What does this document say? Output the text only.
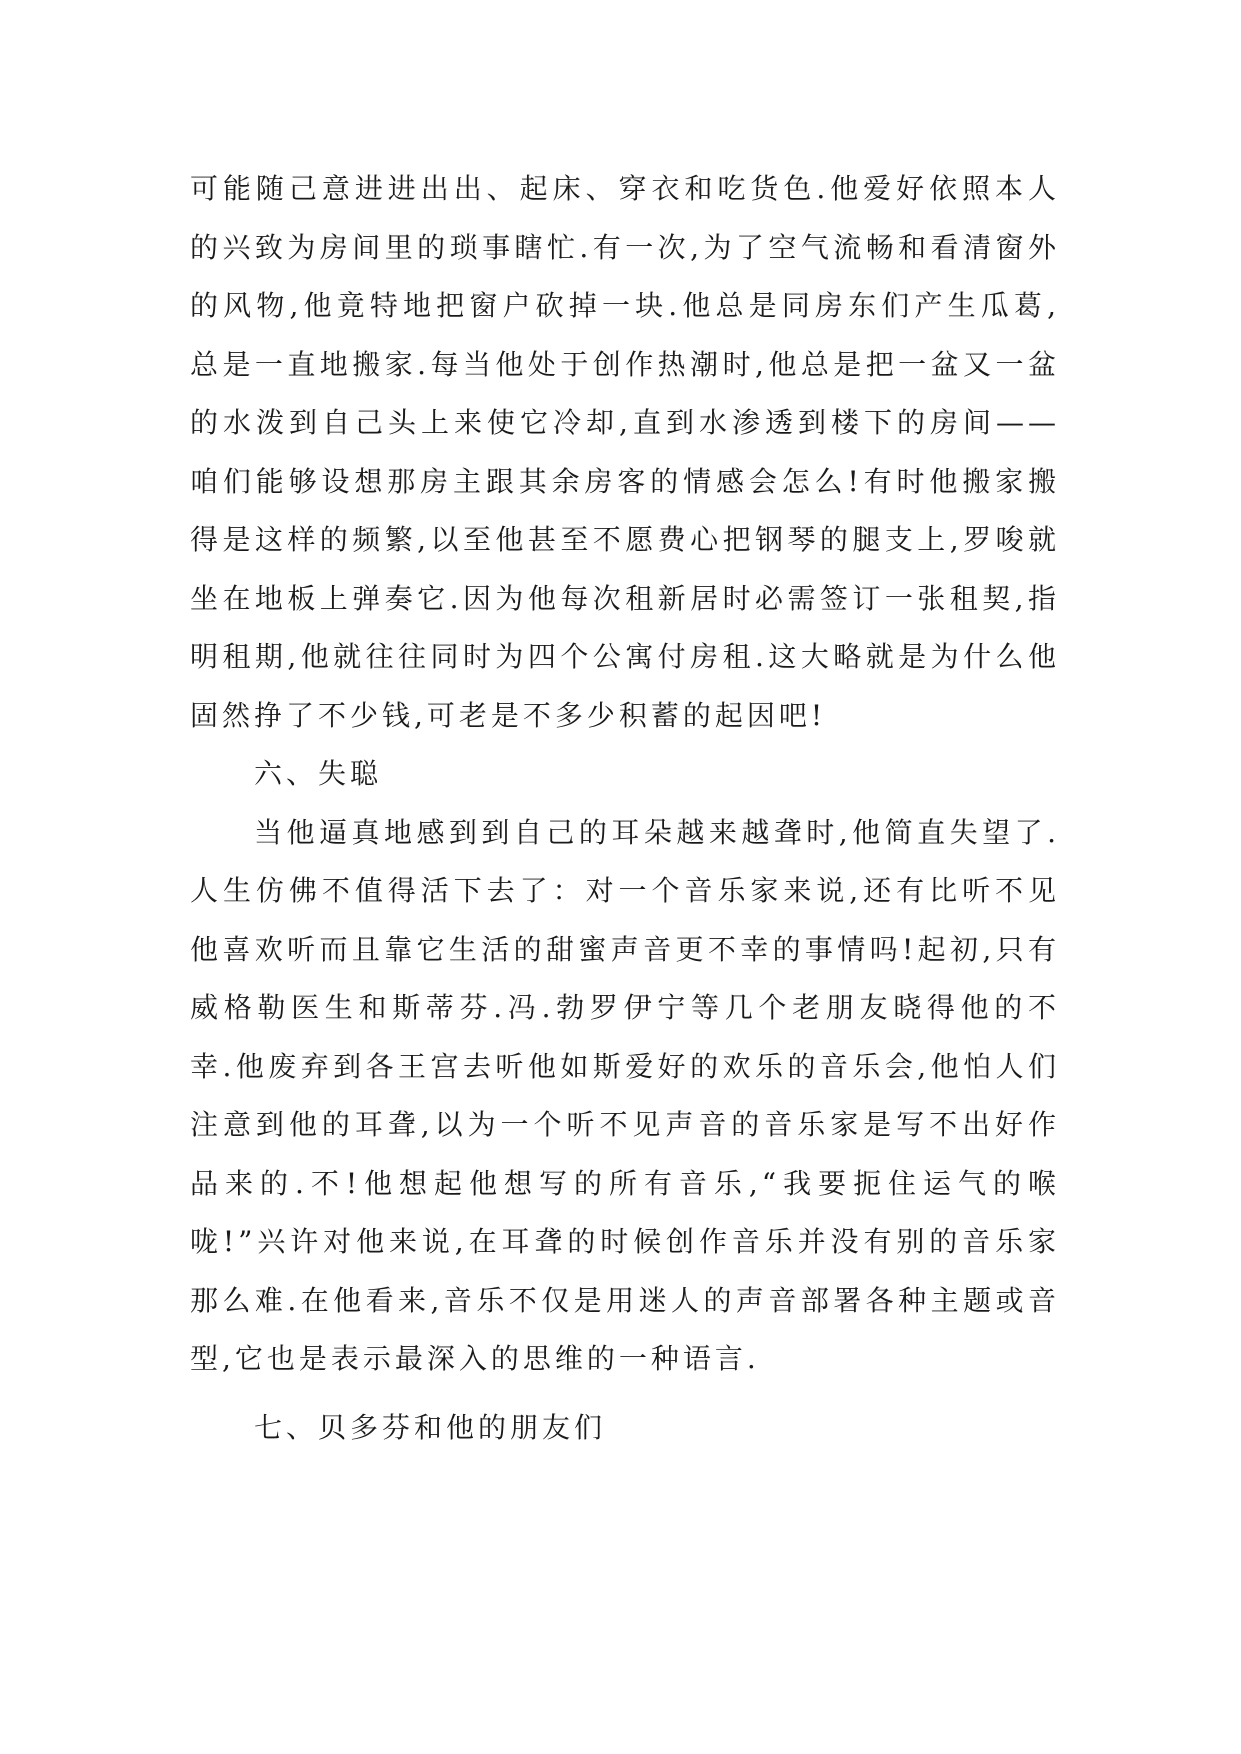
可能随己意进进出出、起床、穿衣和吃货色.他爱好依照本人的兴致为房间里的琐事瞎忙.有一次,为了空气流畅和看清窗外的风物,他竟特地把窗户砍掉一块.他总是同房东们产生瓜葛,总是一直地搬家.每当他处于创作热潮时,他总是把一盆又一盆的水泼到自己头上来使它冷却,直到水渗透到楼下的房间——咱们能够设想那房主跟其余房客的情感会怎么!有时他搬家搬得是这样的频繁,以至他甚至不愿费心把钢琴的腿支上,罗唆就坐在地板上弹奏它.因为他每次租新居时必需签订一张租契,指明租期,他就往往同时为四个公寓付房租.这大略就是为什么他固然挣了不少钱,可老是不多少积蓄的起因吧!

六、失聪

当他逼真地感到到自己的耳朵越来越聋时,他简直失望了.人生仿佛不值得活下去了：对一个音乐家来说,还有比听不见他喜欢听而且靠它生活的甜蜜声音更不幸的事情吗!起初,只有威格勒医生和斯蒂芬.冯.勃罗伊宁等几个老朋友晓得他的不幸.他废弃到各王宫去听他如斯爱好的欢乐的音乐会,他怕人们注意到他的耳聋,以为一个听不见声音的音乐家是写不出好作品来的.不!他想起他想写的所有音乐,“我要扼住运气的喉咙!”兴许对他来说,在耳聋的时候创作音乐并没有别的音乐家那么难.在他看来,音乐不仅是用迷人的声音部署各种主题或音型,它也是表示最深入的思维的一种语言.

七、贝多芬和他的朋友们
